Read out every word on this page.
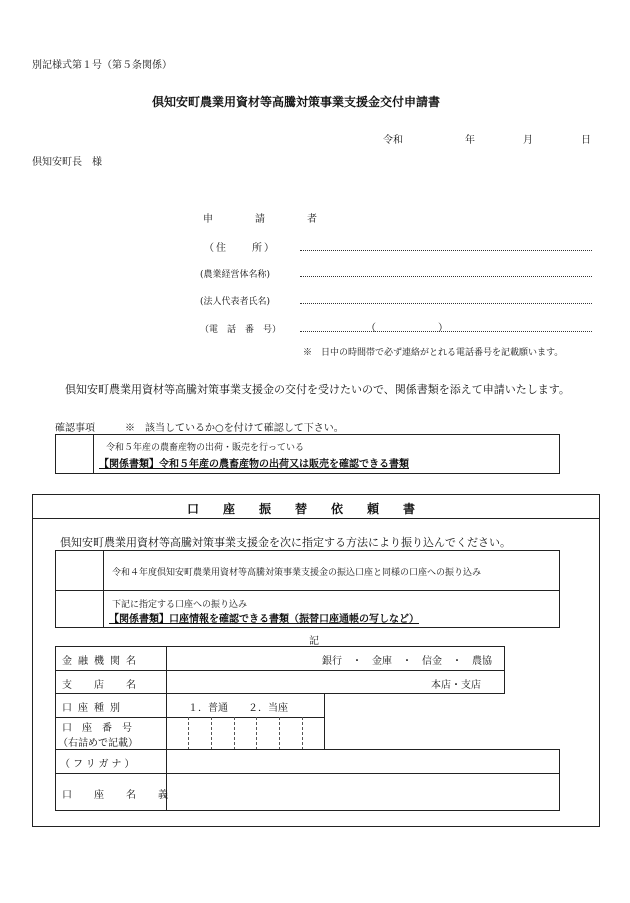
別記様式第１号（第５条関係）
倶知安町農業用資材等高騰対策事業支援金交付申請書
令和	年	月	日
倶知安町長　様
申　請　者
（住　　所）
(農業経営体名称)
(法人代表者氏名)
（電　話　番　号）	（	）
※　日中の時間帯で必ず連絡がとれる電話番号を記載願います。
倶知安町農業用資材等高騰対策事業支援金の交付を受けたいので、関係書類を添えて申請いたします。
確認事項	※　該当しているか○を付けて確認して下さい。
令和５年産の農畜産物の出荷・販売を行っている
【関係書類】令和５年産の農畜産物の出荷又は販売を確認できる書類
口　座　振　替　依　頼　書
倶知安町農業用資材等高騰対策事業支援金を次に指定する方法により振り込んでください。
令和４年度倶知安町農業用資材等高騰対策事業支援金の振込口座と同様の口座への振り込み
下記に指定する口座への振り込み
【関係書類】口座情報を確認できる書類（振替口座通帳の写しなど）
記
金融機関名	銀行　・　金庫　・　信金　・　農協
支　店　名	本店・支店
口座種別	１．普通　　２．当座
口　座　番　号
（右詰めで記載）
（フリガナ）
口座名義
